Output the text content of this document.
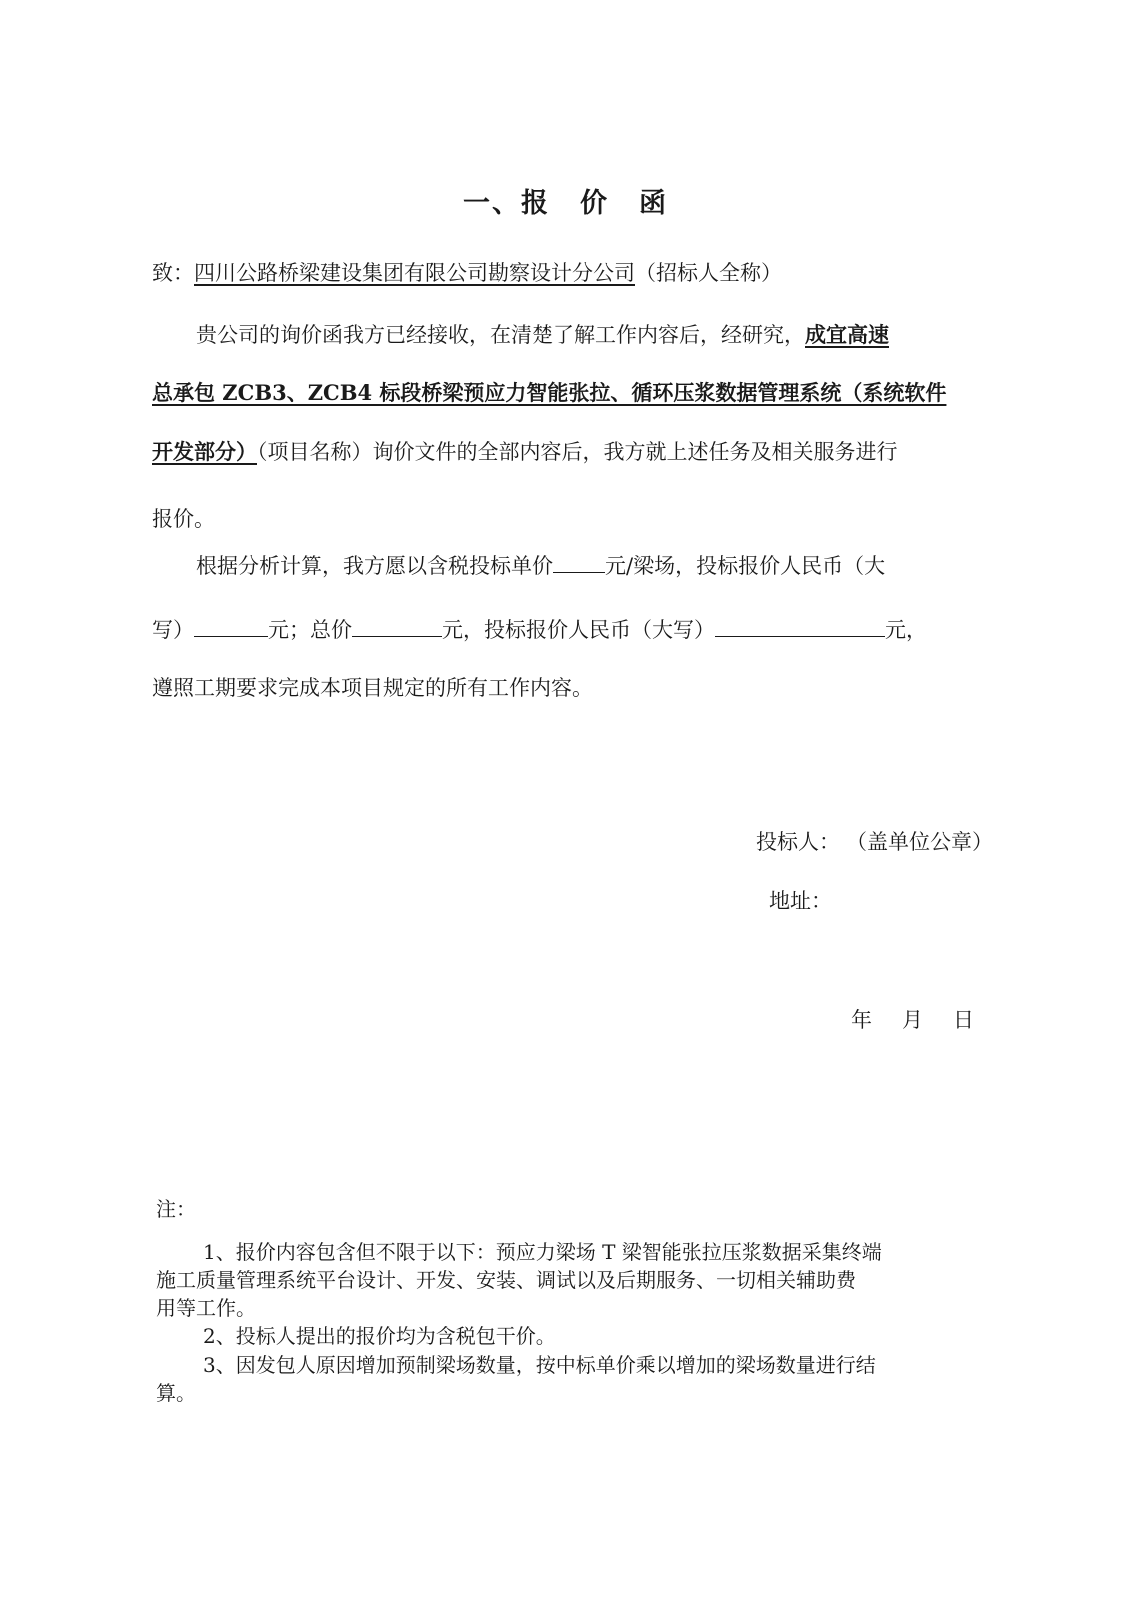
一、报 价 函
致：四川公路桥梁建设集团有限公司勘察设计分公司（招标人全称）
贵公司的询价函我方已经接收，在清楚了解工作内容后，经研究，成宜高速
总承包 ZCB3、ZCB4 标段桥梁预应力智能张拉、循环压浆数据管理系统（系统软件
开发部分）（项目名称）询价文件的全部内容后，我方就上述任务及相关服务进行
报价。
根据分析计算，我方愿以含税投标单价 元/梁场，投标报价人民币（大
写）	元；总价	元，投标报价人民币（大写）	元，
遵照工期要求完成本项目规定的所有工作内容。
投标人： （盖单位公章）
地址：
年 月 日
注：
1、报价内容包含但不限于以下：预应力梁场 T 梁智能张拉压浆数据采集终端
施工质量管理系统平台设计、开发、安装、调试以及后期服务、一切相关辅助费
用等工作。
2、投标人提出的报价均为含税包干价。
3、因发包人原因增加预制梁场数量，按中标单价乘以增加的梁场数量进行结
算。
